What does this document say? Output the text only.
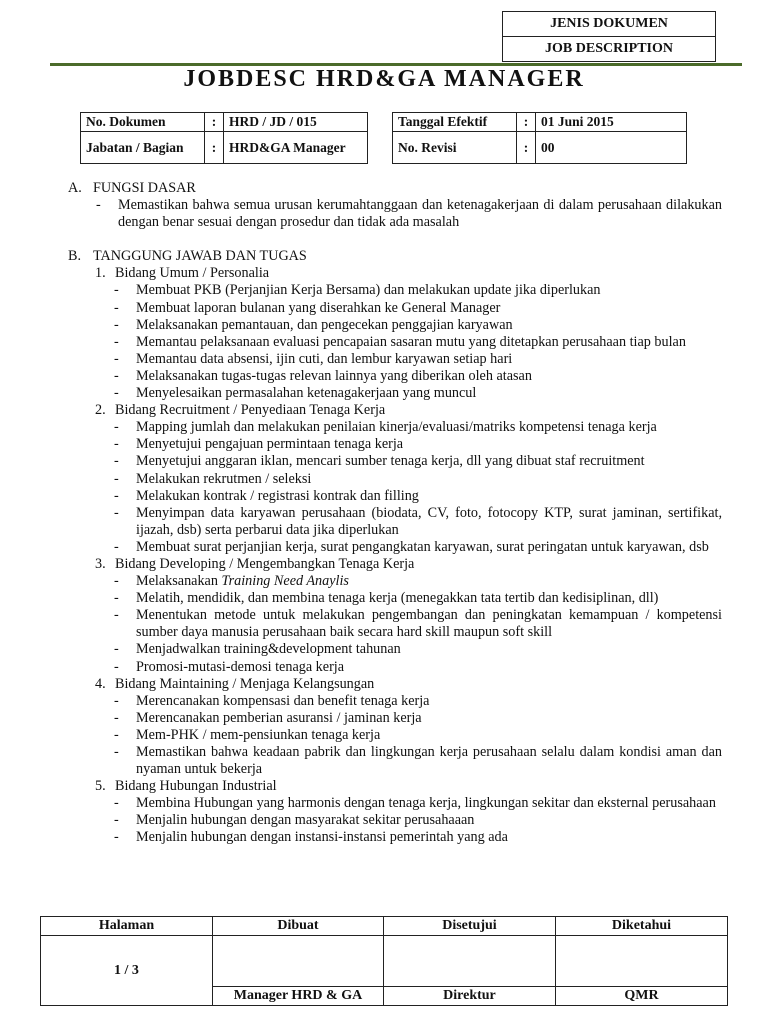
JENIS DOKUMEN
JOB DESCRIPTION
JOBDESC HRD&GA MANAGER
No. Dokumen	:	HRD / JD / 015
Jabatan / Bagian	:	HRD&GA Manager
Tanggal Efektif	:	01 Juni 2015
No. Revisi	:	00
A. FUNGSI DASAR
-	Memastikan bahwa semua urusan kerumahtanggaan dan ketenagakerjaan di dalam perusahaan dilakukan dengan benar sesuai dengan prosedur dan tidak ada masalah
B. TANGGUNG JAWAB DAN TUGAS
1. Bidang Umum / Personalia
-	Membuat PKB (Perjanjian Kerja Bersama) dan melakukan update jika diperlukan
-	Membuat laporan bulanan yang diserahkan ke General Manager
-	Melaksanakan pemantauan, dan pengecekan penggajian karyawan
-	Memantau pelaksanaan evaluasi pencapaian sasaran mutu yang ditetapkan perusahaan tiap bulan
-	Memantau data absensi, ijin cuti, dan lembur karyawan setiap hari
-	Melaksanakan tugas-tugas relevan lainnya yang diberikan oleh atasan
-	Menyelesaikan permasalahan ketenagakerjaan yang muncul
2. Bidang Recruitment / Penyediaan Tenaga Kerja
-	Mapping jumlah dan melakukan penilaian kinerja/evaluasi/matriks kompetensi tenaga kerja
-	Menyetujui pengajuan permintaan tenaga kerja
-	Menyetujui anggaran iklan, mencari sumber tenaga kerja, dll yang dibuat staf recruitment
-	Melakukan rekrutmen / seleksi
-	Melakukan kontrak / registrasi kontrak dan filling
-	Menyimpan data karyawan perusahaan (biodata, CV, foto, fotocopy KTP, surat jaminan, sertifikat, ijazah, dsb) serta perbarui data jika diperlukan
-	Membuat surat perjanjian kerja, surat pengangkatan karyawan, surat peringatan untuk karyawan, dsb
3. Bidang Developing / Mengembangkan Tenaga Kerja
-	Melaksanakan Training Need Anaylis
-	Melatih, mendidik, dan membina tenaga kerja (menegakkan tata tertib dan kedisiplinan, dll)
-	Menentukan metode untuk melakukan pengembangan dan peningkatan kemampuan / kompetensi sumber daya manusia perusahaan baik secara hard skill maupun soft skill
-	Menjadwalkan training&development tahunan
-	Promosi-mutasi-demosi tenaga kerja
4. Bidang Maintaining / Menjaga Kelangsungan
-	Merencanakan kompensasi dan benefit tenaga kerja
-	Merencanakan pemberian asuransi / jaminan kerja
-	Mem-PHK / mem-pensiunkan tenaga kerja
-	Memastikan bahwa keadaan pabrik dan lingkungan kerja perusahaan selalu dalam kondisi aman dan nyaman untuk bekerja
5. Bidang Hubungan Industrial
-	Membina Hubungan yang harmonis dengan tenaga kerja, lingkungan sekitar dan eksternal perusahaan
-	Menjalin hubungan dengan masyarakat sekitar perusahaaan
-	Menjalin hubungan dengan instansi-instansi pemerintah yang ada
Halaman	Dibuat	Disetujui	Diketahui
1 / 3			
	Manager HRD & GA	Direktur	QMR
